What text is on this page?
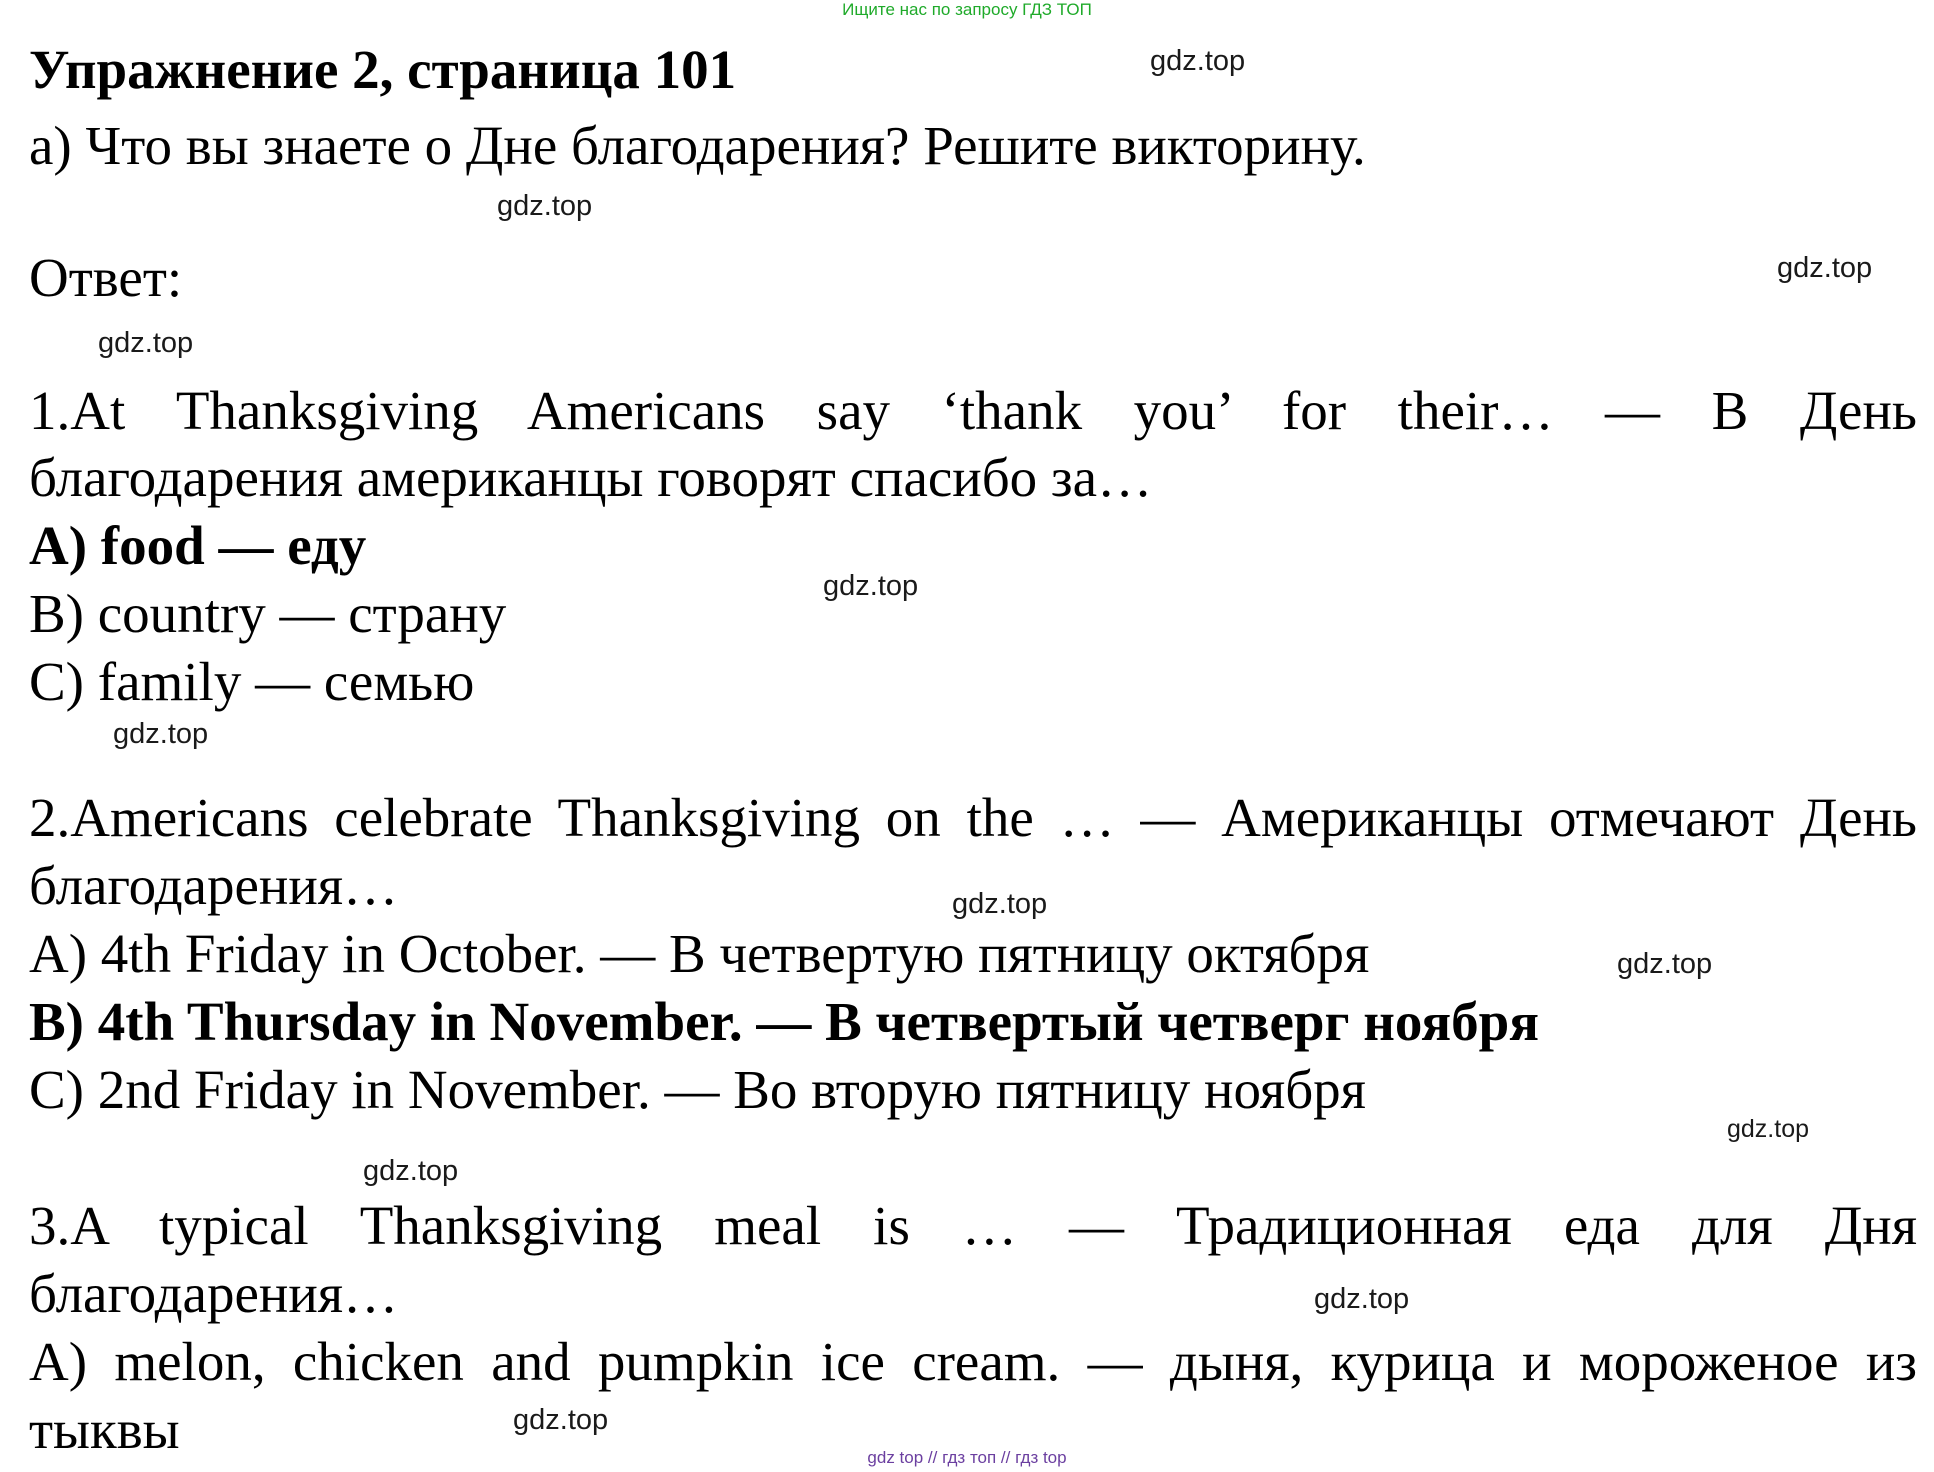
Ищите нас по запросу ГДЗ ТОП
Упражнение 2, страница 101
a) Что вы знаете о Дне благодарения? Решите викторину.
Ответ:
1.At Thanksgiving Americans say ‘thank you’ for their… — В День
благодарения американцы говорят спасибо за…
A) food — еду
B) country — страну
C) family — семью
2.Americans celebrate Thanksgiving on the … — Американцы отмечают День
благодарения…
A) 4th Friday in October. — В четвертую пятницу октября
B) 4th Thursday in November. — В четвертый четверг ноября
C) 2nd Friday in November. — Во вторую пятницу ноября
3.A typical Thanksgiving meal is … — Традиционная еда для Дня
благодарения…
A) melon, chicken and pumpkin ice cream. — дыня, курица и мороженое из
тыквы
gdz.top
gdz.top
gdz.top
gdz.top
gdz.top
gdz.top
gdz.top
gdz.top
gdz.top
gdz.top
gdz.top
gdz.top
gdz top // гдз топ // гдз top
